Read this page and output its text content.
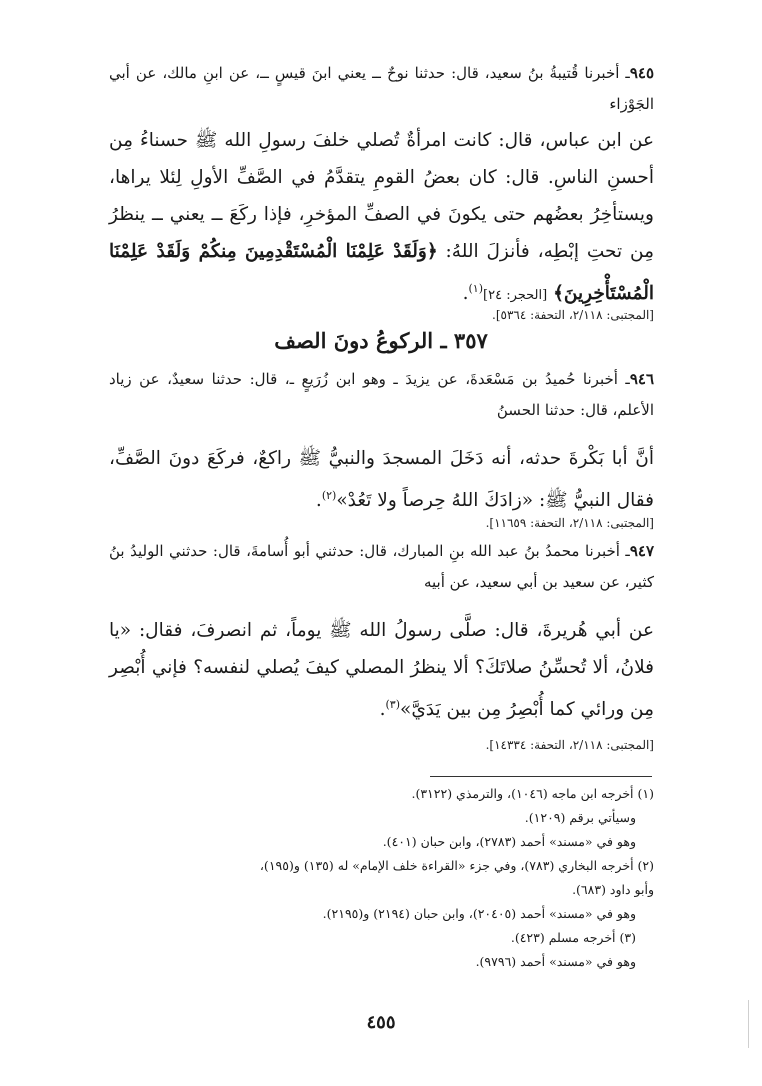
٩٤٥ـ أخبرنا قُتيبةُ بنُ سعيد، قال: حدثنا نوحٌ ــ يعني ابنَ قيسٍ ــ، عن ابنِ مالك، عن أبي الجَوْزاء
عن ابن عباس، قال: كانت امرأةٌ تُصلي خلفَ رسولِ الله ﷺ حسناءُ مِن أحسنِ الناسِ. قال: كان بعضُ القومِ يتقدَّمُ في الصَّفِّ الأولِ لِئلا يراها، ويستأخِرُ بعضُهم حتى يكونَ في الصفِّ المؤخرِ، فإذا ركَعَ ــ يعني ــ ينظرُ مِن تحتِ إبْطِه، فأنزلَ اللهُ: ﴿وَلَقَدْ عَلِمْنَا الْمُسْتَقْدِمِينَ مِنكُمْ وَلَقَدْ عَلِمْنَا الْمُسْتَأْخِرِينَ﴾ [الحجر: ٢٤]$^{(١)}$.
[المجتبى: ٢/١١٨، التحفة: ٥٣٦٤].
٣٥٧ ـ الركوعُ دونَ الصف
٩٤٦ـ أخبرنا حُميدُ بن مَسْعَدةَ، عن يزيدَ ـ وهو ابن زُرَيعٍ ـ، قال: حدثنا سعيدٌ، عن زياد الأعلم، قال: حدثنا الحسنُ
أنَّ أبا بَكْرةَ حدثه، أنه دَخَلَ المسجدَ والنبيُّ ﷺ راكعٌ، فركَعَ دونَ الصَّفِّ، فقال النبيُّ ﷺ: «زادَكَ اللهُ حِرصاً ولا تَعُدْ»$^{(٢)}$.
[المجتبى: ٢/١١٨، التحفة: ١١٦٥٩].
٩٤٧ـ أخبرنا محمدُ بنُ عبد الله بنِ المبارك، قال: حدثني أبو أُسامةَ، قال: حدثني الوليدُ بنُ كثير، عن سعيد بن أبي سعيد، عن أبيه
عن أبي هُريرةَ، قال: صلَّى رسولُ الله ﷺ يوماً، ثم انصرفَ، فقال: «يا فلانُ، ألا تُحسِّنُ صلاتَكَ؟ ألا ينظرُ المصلي كيفَ يُصلي لنفسه؟ فإني أُبْصِر مِن ورائي كما أُبْصِرُ مِن بين يَدَيَّ»$^{(٣)}$.
[المجتبى: ٢/١١٨، التحفة: ١٤٣٣٤].
(١) أخرجه ابن ماجه (١٠٤٦)، والترمذي (٣١٢٢).
وسيأتي برقم (١٢٠٩).
وهو في «مسند» أحمد (٢٧٨٣)، وابن حبان (٤٠١).
(٢) أخرجه البخاري (٧٨٣)، وفي جزء «القراءة خلف الإمام» له (١٣٥) و(١٩٥)،
وأبو داود (٦٨٣).
وهو في «مسند» أحمد (٢٠٤٠٥)، وابن حبان (٢١٩٤) و(٢١٩٥).
(٣) أخرجه مسلم (٤٢٣).
وهو في «مسند» أحمد (٩٧٩٦).
٤٥٥
